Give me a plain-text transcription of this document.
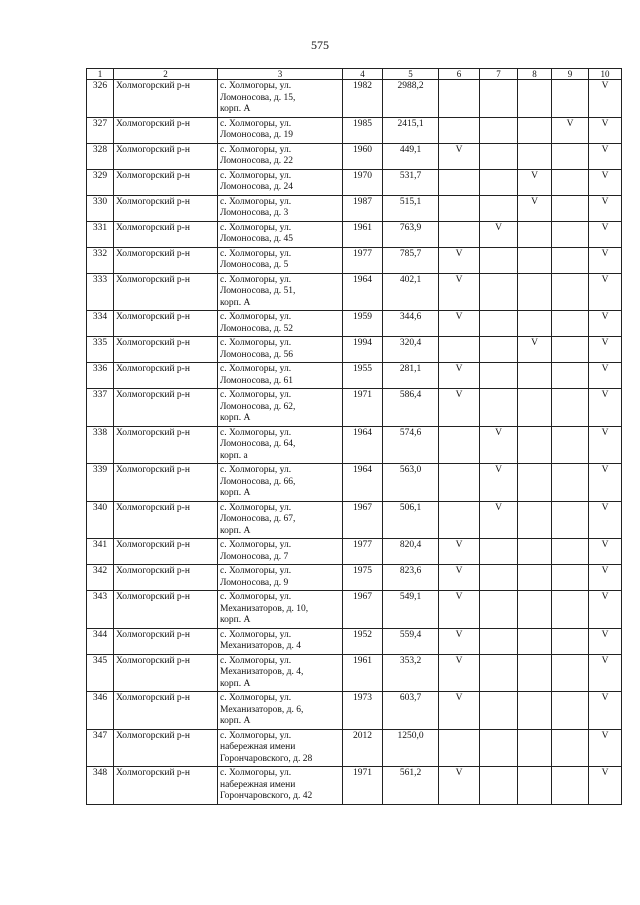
575
1	2	3	4	5	6	7	8	9	10
326	Холмогорский р-н	с. Холмогоры, ул.
Ломоносова, д. 15,
корп. А	1982	2988,2					V
327	Холмогорский р-н	с. Холмогоры, ул.
Ломоносова, д. 19	1985	2415,1				V	V
328	Холмогорский р-н	с. Холмогоры, ул.
Ломоносова, д. 22	1960	449,1	V				V
329	Холмогорский р-н	с. Холмогоры, ул.
Ломоносова, д. 24	1970	531,7			V		V
330	Холмогорский р-н	с. Холмогоры, ул.
Ломоносова, д. 3	1987	515,1			V		V
331	Холмогорский р-н	с. Холмогоры, ул.
Ломоносова, д. 45	1961	763,9		V			V
332	Холмогорский р-н	с. Холмогоры, ул.
Ломоносова, д. 5	1977	785,7	V				V
333	Холмогорский р-н	с. Холмогоры, ул.
Ломоносова, д. 51,
корп. А	1964	402,1	V				V
334	Холмогорский р-н	с. Холмогоры, ул.
Ломоносова, д. 52	1959	344,6	V				V
335	Холмогорский р-н	с. Холмогоры, ул.
Ломоносова, д. 56	1994	320,4			V		V
336	Холмогорский р-н	с. Холмогоры, ул.
Ломоносова, д. 61	1955	281,1	V				V
337	Холмогорский р-н	с. Холмогоры, ул.
Ломоносова, д. 62,
корп. А	1971	586,4	V				V
338	Холмогорский р-н	с. Холмогоры, ул.
Ломоносова, д. 64,
корп. а	1964	574,6		V			V
339	Холмогорский р-н	с. Холмогоры, ул.
Ломоносова, д. 66,
корп. А	1964	563,0		V			V
340	Холмогорский р-н	с. Холмогоры, ул.
Ломоносова, д. 67,
корп. А	1967	506,1		V			V
341	Холмогорский р-н	с. Холмогоры, ул.
Ломоносова, д. 7	1977	820,4	V				V
342	Холмогорский р-н	с. Холмогоры, ул.
Ломоносова, д. 9	1975	823,6	V				V
343	Холмогорский р-н	с. Холмогоры, ул.
Механизаторов, д. 10,
корп. А	1967	549,1	V				V
344	Холмогорский р-н	с. Холмогоры, ул.
Механизаторов, д. 4	1952	559,4	V				V
345	Холмогорский р-н	с. Холмогоры, ул.
Механизаторов, д. 4,
корп. А	1961	353,2	V				V
346	Холмогорский р-н	с. Холмогоры, ул.
Механизаторов, д. 6,
корп. А	1973	603,7	V				V
347	Холмогорский р-н	с. Холмогоры, ул.
набережная имени
Горончаровского, д. 28	2012	1250,0					V
348	Холмогорский р-н	с. Холмогоры, ул.
набережная имени
Горончаровского, д. 42	1971	561,2	V				V
